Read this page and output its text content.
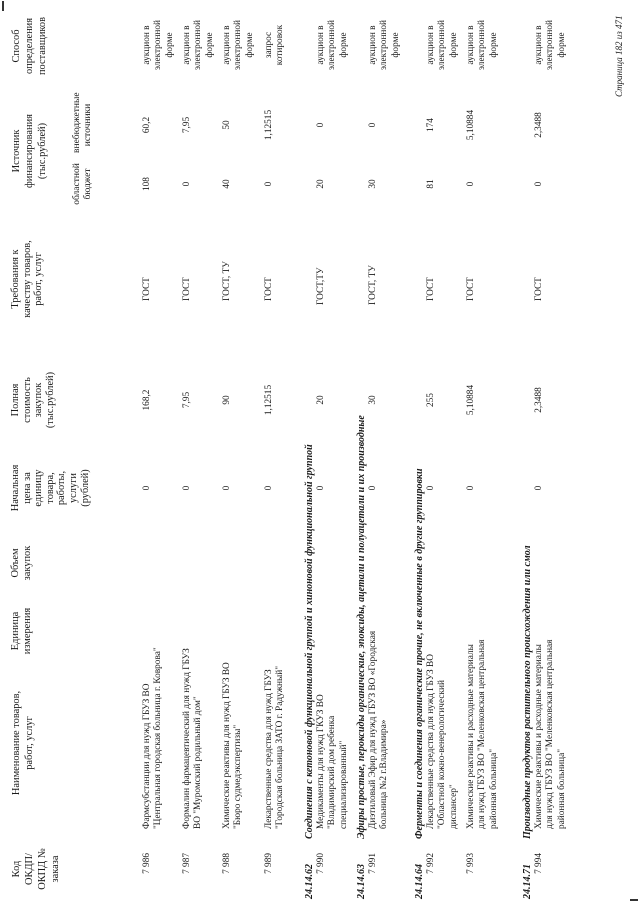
Код ОКДП/ ОКПД № заказа
Наименование товаров, работ, услуг
Единица измерения
Объем закупок
Начальная цена за единицу товара, работы, услуги (рублей)
Полная стоимость закупок (тыс.рублей)
Требования к качеству товаров, работ, услуг
Источник финансирования (тыс.рублей)
областной бюджет
внебюджетные источники
Способ определения поставщиков
7 986
Фармсубстанции для нужд ГБУЗ ВО "Центральная городская больница г. Коврова"
0
168,2
ГОСТ
108
60,2
аукцион в электронной форме
7 987
Формалин фармацевтический для нужд ГБУЗ ВО "Муромский родильный дом"
0
7,95
ГОСТ
0
7,95
аукцион в электронной форме
7 988
Химические реактивы для нужд ГБУЗ ВО "Бюро судмедэкспертизы"
0
90
ГОСТ, ТУ
40
50
аукцион в электронной форме
7 989
Лекарственные средства для нужд ГБУЗ "Городская больница ЗАТО г. Радужный"
0
1,12515
ГОСТ
0
1,12515
запрос котировок
24.14.62
Соединения с кетоновой функциональной группой и хиноновой функциональной группой
7 990
Медикаменты для нужд ГКУЗ ВО "Владимирский дом ребенка специализированный"
0
20
ГОСТ,ТУ
20
0
аукцион в электронной форме
24.14.63
Эфиры простые, пероксиды органические, эпоксиды, ацетали и полуацетали и их производные
7 991
Диэтиловый Эфир для нужд ГБУЗ ВО «Городская больница №2 г.Владимира»
0
30
ГОСТ, ТУ
30
0
аукцион в электронной форме
24.14.64
Ферменты и соединения органические прочие, не включенные в другие группировки
7 992
Лекарственные средства для нужд ГБУЗ ВО "Областной кожно-венерологический диспансер"
0
255
ГОСТ
81
174
аукцион в электронной форме
7 993
Химические реактивы и расходные материалы для нужд ГБУЗ ВО "Меленковская центральная районная больница"
0
5,10884
ГОСТ
0
5,10884
аукцион в электронной форме
24.14.71
Производные продуктов растительного происхождения или смол
7 994
Химические реактивы и расходные материалы для нужд ГБУЗ ВО "Меленковская центральная районная больница"
0
2,3488
ГОСТ
0
2,3488
аукцион в электронной форме	Страница 182 из 471
